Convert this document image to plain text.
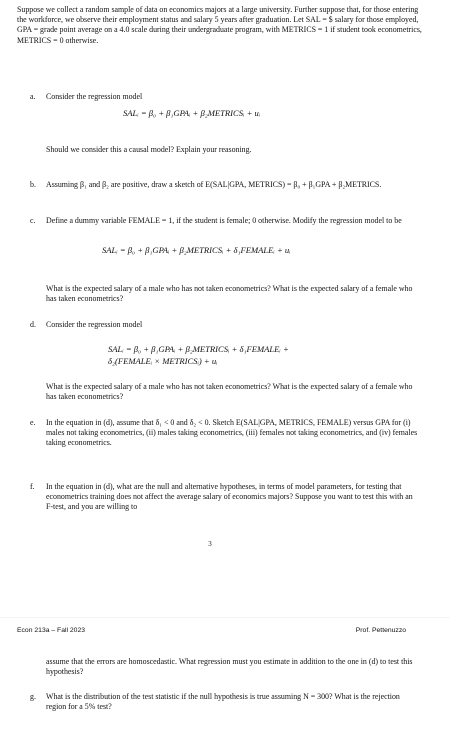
Suppose we collect a random sample of data on economics majors at a large university. Further suppose that, for those entering the workforce, we observe their employment status and salary 5 years after graduation. Let SAL = $ salary for those employed, GPA = grade point average on a 4.0 scale during their undergraduate program, with METRICS = 1 if student took econometrics, METRICS = 0 otherwise.
a. Consider the regression model
SALᵢ = β₀ + β₁GPAᵢ + β₂METRICSᵢ + uᵢ
Should we consider this a causal model? Explain your reasoning.
b. Assuming β₁ and β₂ are positive, draw a sketch of E(SAL|GPA, METRICS) = β₀ + β₁GPA + β₂METRICS.
c. Define a dummy variable FEMALE = 1, if the student is female; 0 otherwise. Modify the regression model to be
SALᵢ = β₀ + β₁GPAᵢ + β₂METRICSᵢ + δ₁FEMALEᵢ + uᵢ
What is the expected salary of a male who has not taken econometrics? What is the expected salary of a female who has taken econometrics?
d. Consider the regression model
SALᵢ = β₀ + β₁GPAᵢ + β₂METRICSᵢ + δ₁FEMALEᵢ +
δ₂(FEMALEᵢ × METRICSᵢ) + uᵢ
What is the expected salary of a male who has not taken econometrics? What is the expected salary of a female who has taken econometrics?
e. In the equation in (d), assume that δ₁ < 0 and δ₂ < 0. Sketch E(SAL|GPA, METRICS, FEMALE) versus GPA for (i) males not taking econometrics, (ii) males taking econometrics, (iii) females not taking econometrics, and (iv) females taking econometrics.
f. In the equation in (d), what are the null and alternative hypotheses, in terms of model parameters, for testing that econometrics training does not affect the average salary of economics majors? Suppose you want to test this with an F-test, and you are willing to
3
Econ 213a – Fall 2023	Prof. Pettenuzzo
assume that the errors are homoscedastic. What regression must you estimate in addition to the one in (d) to test this hypothesis?
g. What is the distribution of the test statistic if the null hypothesis is true assuming N = 300? What is the rejection region for a 5% test?
